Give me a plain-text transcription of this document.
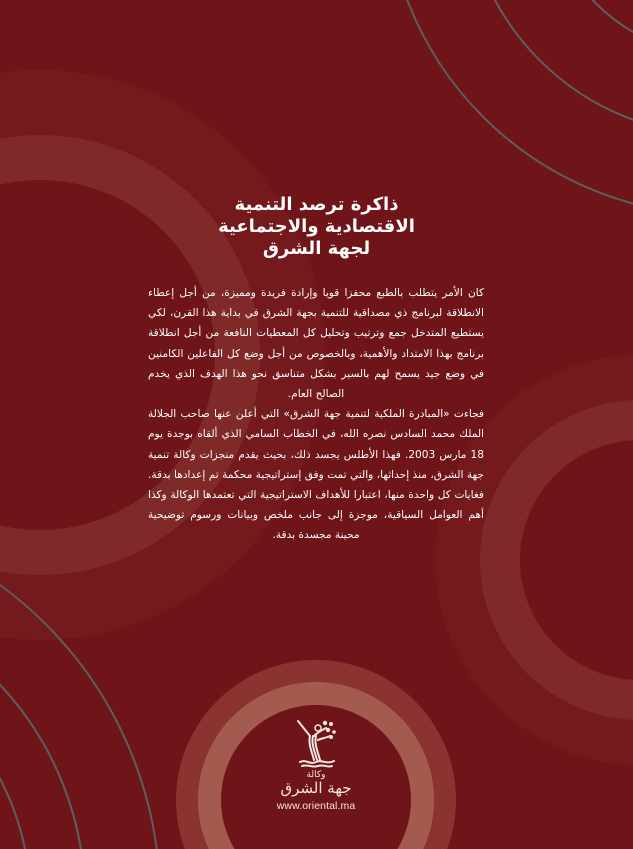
ذاكرة ترصد التنمية
الاقتصادية والاجتماعية
لجهة الشرق

كان الأمر يتطلب بالطبع محفزا قويا وإرادة فريدة ومميزة، من أجل إعطاء الانطلاقة لبرنامج ذي مصداقية للتنمية بجهة الشرق في بداية هذا القرن، لكي يستطيع المتدخل جمع وترتيب وتحليل كل المعطيات النافعة من أجل انطلاقة برنامج بهذا الامتداد والأهمية، وبالخصوص من أجل وضع كل الفاعلين الكامنين في وضع جيد يسمح لهم بالسير بشكل متناسق نحو هذا الهدف الذي يخدم الصالح العام.

فجاءت «المبادرة الملكية لتنمية جهة الشرق» التي أعلن عنها صاحب الجلالة الملك محمد السادس نصره الله، في الخطاب السامي الذي ألقاه بوجدة يوم 18 مارس 2003. فهذا الأطلس يجسد ذلك، بحيث يقدم منجزات وكالة تنمية جهة الشرق، منذ إحداثها، والتي تمت وفق إستراتيجية محكمة تم إعدادها بدقة. فغايات كل واحدة منها، اعتبارا للأهداف الاستراتيجية التي تعتمدها الوكالة وكذا أهم العوامل السياقية، موجزة إلى جانب ملخص وبيانات ورسوم توضيحية محينة مجسدة بدقة.

وكالة
جهة الشرق
www.oriental.ma
